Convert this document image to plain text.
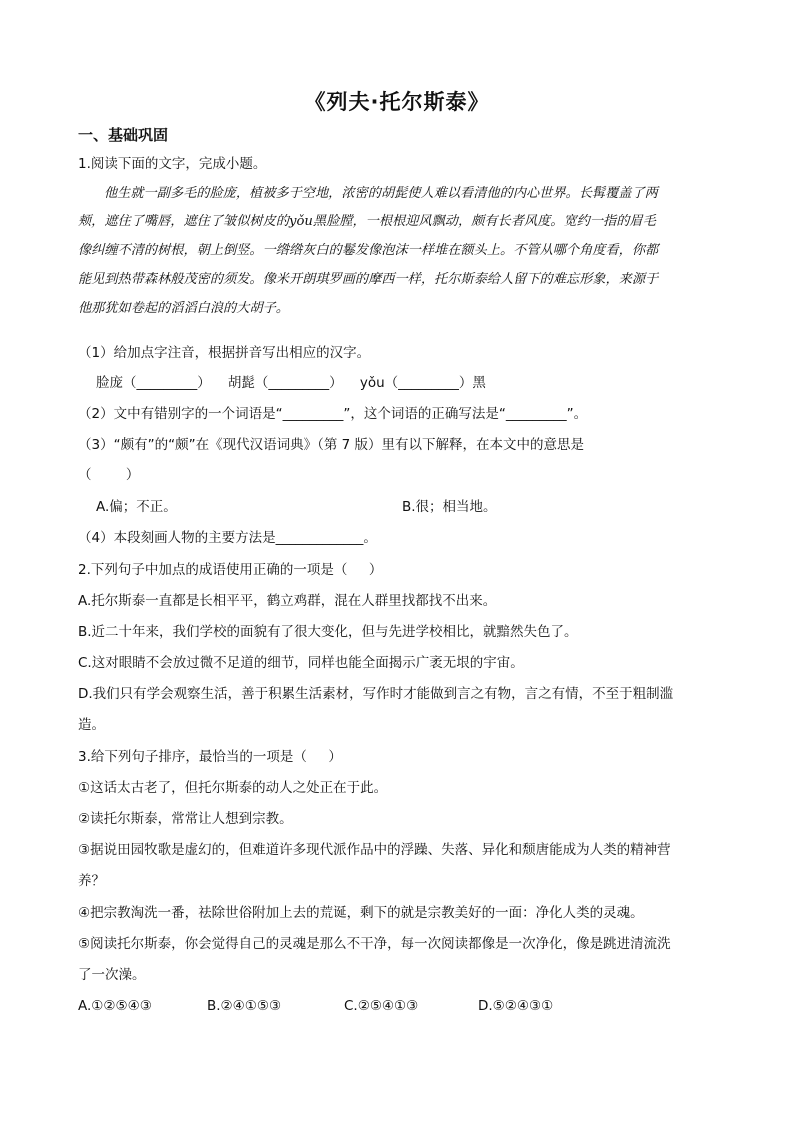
《列夫·托尔斯泰》
一、基础巩固
1.阅读下面的文字，完成小题。
他生就一副多毛的脸庞，植被多于空地，浓密的胡髭使人难以看清他的内心世界。长髯覆盖了两
颊，遮住了嘴唇，遮住了皱似树皮的yǒu黑脸膛，一根根迎风飘动，颇有长者风度。宽约一指的眉毛
像纠缠不清的树根，朝上倒竖。一绺绺灰白的鬈发像泡沫一样堆在额头上。不管从哪个角度看，你都
能见到热带森林般茂密的须发。像米开朗琪罗画的摩西一样，托尔斯泰给人留下的难忘形象，来源于
他那犹如卷起的滔滔白浪的大胡子。
（1）给加点字注音，根据拼音写出相应的汉字。
脸庞（_________）    胡髭（_________）    yǒu（_________）黑
（2）文中有错别字的一个词语是“_________”，这个词语的正确写法是“_________”。
（3）“颇有”的“颇”在《现代汉语词典》（第 7 版）里有以下解释，在本文中的意思是
（        ）
A.偏；不正。	B.很；相当地。
（4）本段刻画人物的主要方法是_____________。
2.下列句子中加点的成语使用正确的一项是（     ）
A.托尔斯泰一直都是长相平平，鹤立鸡群，混在人群里找都找不出来。
B.近二十年来，我们学校的面貌有了很大变化，但与先进学校相比，就黯然失色了。
C.这对眼睛不会放过微不足道的细节，同样也能全面揭示广袤无垠的宇宙。
D.我们只有学会观察生活，善于积累生活素材，写作时才能做到言之有物，言之有情，不至于粗制滥
造。
3.给下列句子排序，最恰当的一项是（     ）
①这话太古老了，但托尔斯泰的动人之处正在于此。
②读托尔斯泰，常常让人想到宗教。
③据说田园牧歌是虚幻的，但难道许多现代派作品中的浮躁、失落、异化和颓唐能成为人类的精神营
养？
④把宗教淘洗一番，祛除世俗附加上去的荒诞，剩下的就是宗教美好的一面：净化人类的灵魂。
⑤阅读托尔斯泰，你会觉得自己的灵魂是那么不干净，每一次阅读都像是一次净化，像是跳进清流洗
了一次澡。
A.①②⑤④③	B.②④①⑤③	C.②⑤④①③	D.⑤②④③①
